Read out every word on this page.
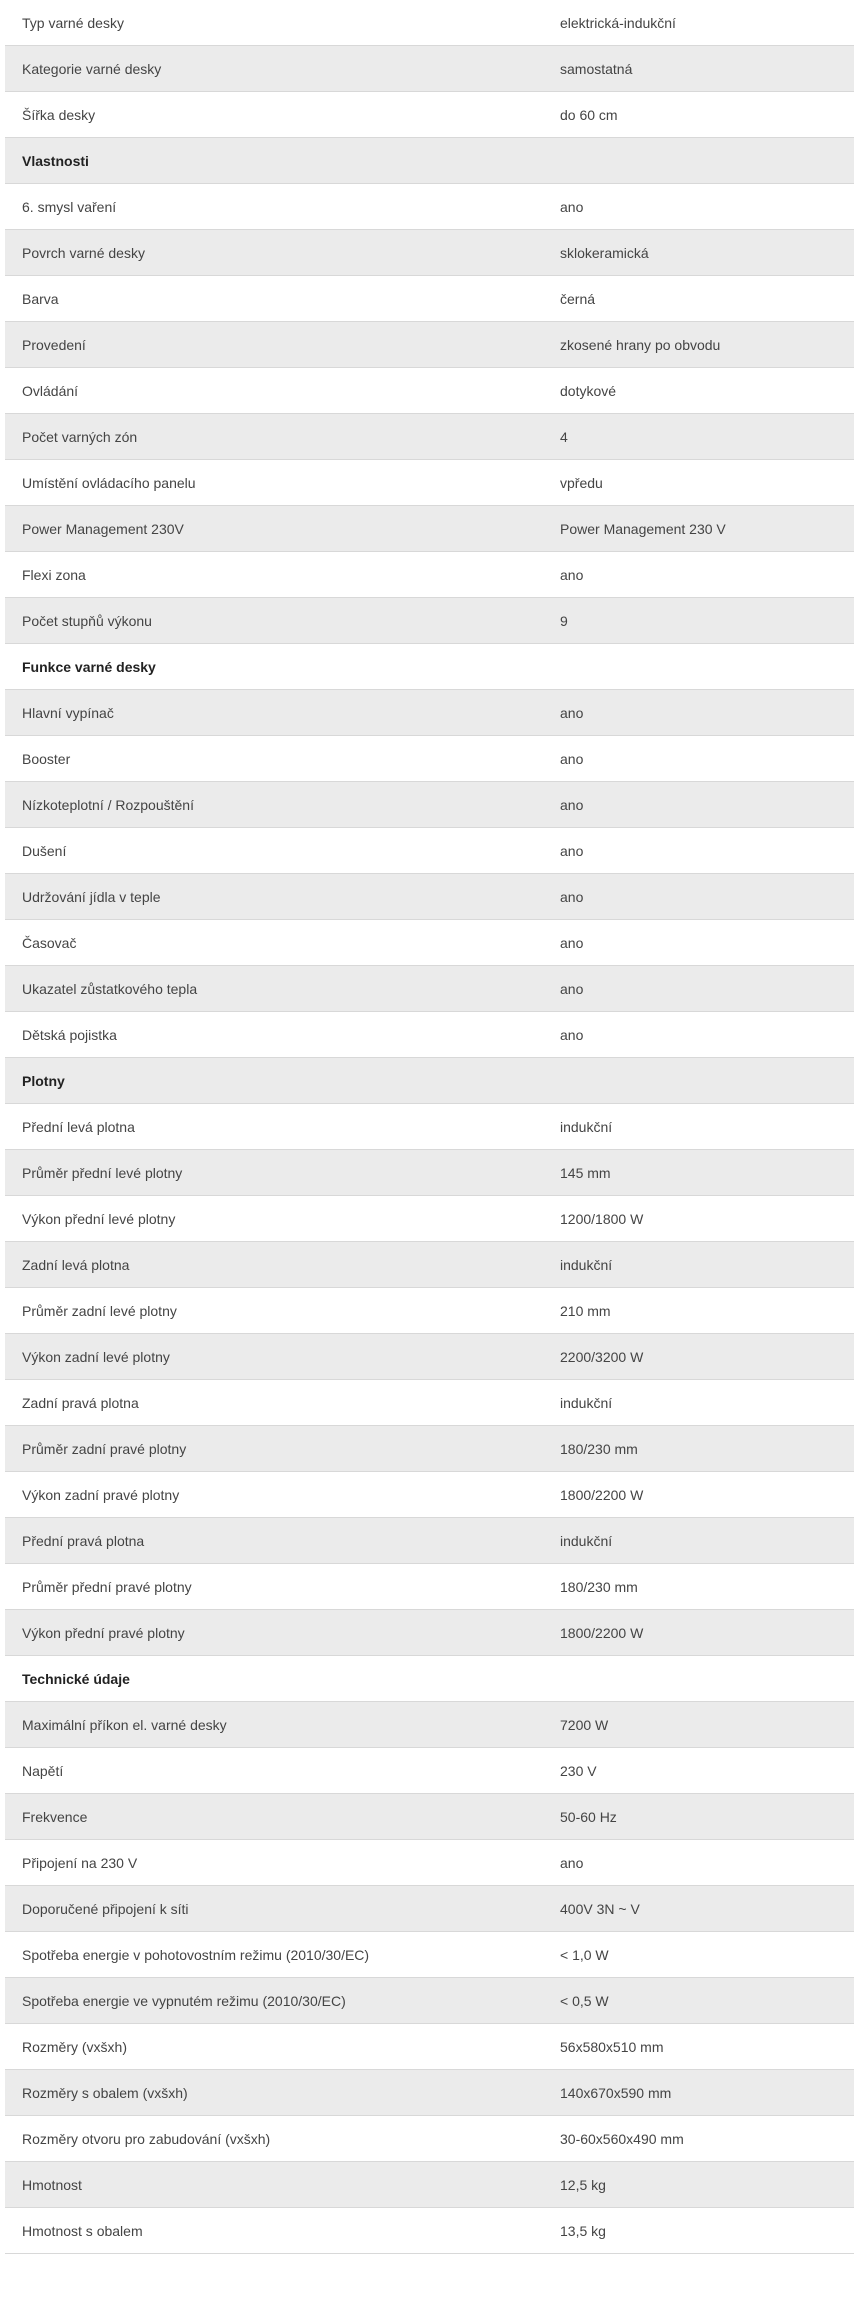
Typ varné desky	elektrická-indukční
Kategorie varné desky	samostatná
Šířka desky	do 60 cm
Vlastnosti
6. smysl vaření	ano
Povrch varné desky	sklokeramická
Barva	černá
Provedení	zkosené hrany po obvodu
Ovládání	dotykové
Počet varných zón	4
Umístění ovládacího panelu	vpředu
Power Management 230V	Power Management 230 V
Flexi zona	ano
Počet stupňů výkonu	9
Funkce varné desky
Hlavní vypínač	ano
Booster	ano
Nízkoteplotní / Rozpouštění	ano
Dušení	ano
Udržování jídla v teple	ano
Časovač	ano
Ukazatel zůstatkového tepla	ano
Dětská pojistka	ano
Plotny
Přední levá plotna	indukční
Průměr přední levé plotny	145 mm
Výkon přední levé plotny	1200/1800 W
Zadní levá plotna	indukční
Průměr zadní levé plotny	210 mm
Výkon zadní levé plotny	2200/3200 W
Zadní pravá plotna	indukční
Průměr zadní pravé plotny	180/230 mm
Výkon zadní pravé plotny	1800/2200 W
Přední pravá plotna	indukční
Průměr přední pravé plotny	180/230 mm
Výkon přední pravé plotny	1800/2200 W
Technické údaje
Maximální příkon el. varné desky	7200 W
Napětí	230 V
Frekvence	50-60 Hz
Připojení na 230 V	ano
Doporučené připojení k síti	400V 3N ~ V
Spotřeba energie v pohotovostním režimu (2010/30/EC)	< 1,0 W
Spotřeba energie ve vypnutém režimu (2010/30/EC)	< 0,5 W
Rozměry (vxšxh)	56x580x510 mm
Rozměry s obalem (vxšxh)	140x670x590 mm
Rozměry otvoru pro zabudování (vxšxh)	30-60x560x490 mm
Hmotnost	12,5 kg
Hmotnost s obalem	13,5 kg
